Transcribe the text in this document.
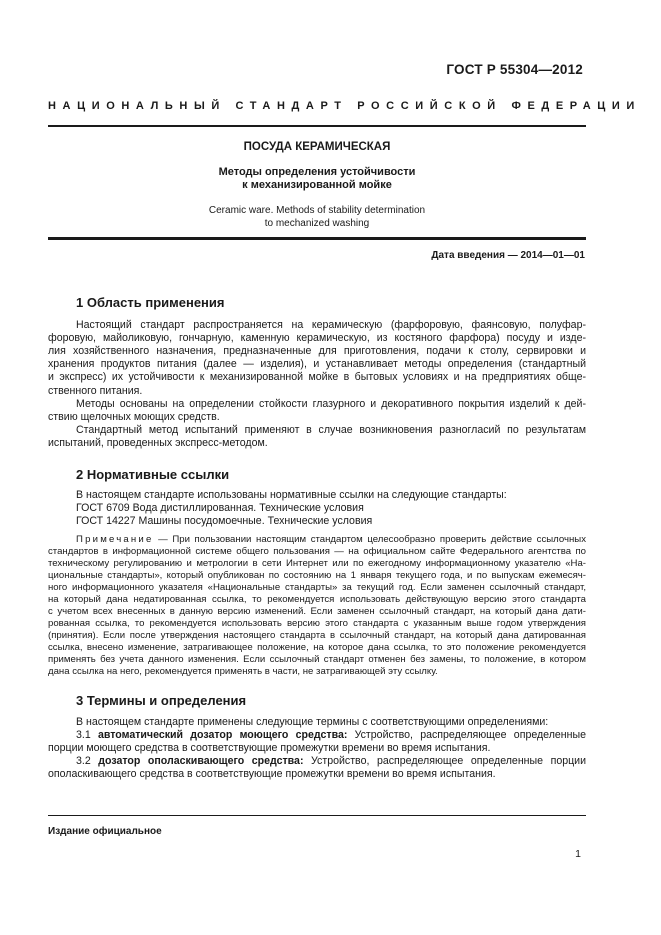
ГОСТ Р 55304—2012
НАЦИОНАЛЬНЫЙ СТАНДАРТ РОССИЙСКОЙ ФЕДЕРАЦИИ
ПОСУДА КЕРАМИЧЕСКАЯ
Методы определения устойчивости
к механизированной мойке
Ceramic ware. Methods of stability determination
to mechanized washing
Дата введения — 2014—01—01

1 Область применения

Настоящий стандарт распространяется на керамическую (фарфоровую, фаянсовую, полуфар-
форовую, майоликовую, гончарную, каменную керамическую, из костяного фарфора) посуду и изде-
лия хозяйственного назначения, предназначенные для приготовления, подачи к столу, сервировки и
хранения продуктов питания (далее — изделия), и устанавливает методы определения (стандартный
и экспресс) их устойчивости к механизированной мойке в бытовых условиях и на предприятиях обще-
ственного питания.

Методы основаны на определении стойкости глазурного и декоративного покрытия изделий к дей-
ствию щелочных моющих средств.

Стандартный метод испытаний применяют в случае возникновения разногласий по результатам
испытаний, проведенных экспресс-методом.

2 Нормативные ссылки

В настоящем стандарте использованы нормативные ссылки на следующие стандарты:

ГОСТ 6709 Вода дистиллированная. Технические условия

ГОСТ 14227 Машины посудомоечные. Технические условия

Примечание — При пользовании настоящим стандартом целесообразно проверить действие ссылочных
стандартов в информационной системе общего пользования — на официальном сайте Федерального агентства по
техническому регулированию и метрологии в сети Интернет или по ежегодному информационному указателю «На-
циональные стандарты», который опубликован по состоянию на 1 января текущего года, и по выпускам ежемесяч-
ного информационного указателя «Национальные стандарты» за текущий год. Если заменен ссылочный стандарт,
на который дана недатированная ссылка, то рекомендуется использовать действующую версию этого стандарта
с учетом всех внесенных в данную версию изменений. Если заменен ссылочный стандарт, на который дана дати-
рованная ссылка, то рекомендуется использовать версию этого стандарта с указанным выше годом утверждения
(принятия). Если после утверждения настоящего стандарта в ссылочный стандарт, на который дана датированная
ссылка, внесено изменение, затрагивающее положение, на которое дана ссылка, то это положение рекомендуется
применять без учета данного изменения. Если ссылочный стандарт отменен без замены, то положение, в котором
дана ссылка на него, рекомендуется применять в части, не затрагивающей эту ссылку.

3 Термины и определения

В настоящем стандарте применены следующие термины с соответствующими определениями:

3.1 автоматический дозатор моющего средства: Устройство, распределяющее определенные
порции моющего средства в соответствующие промежутки времени во время испытания.

3.2 дозатор ополаскивающего средства: Устройство, распределяющее определенные порции
ополаскивающего средства в соответствующие промежутки времени во время испытания.

Издание официальное
1
